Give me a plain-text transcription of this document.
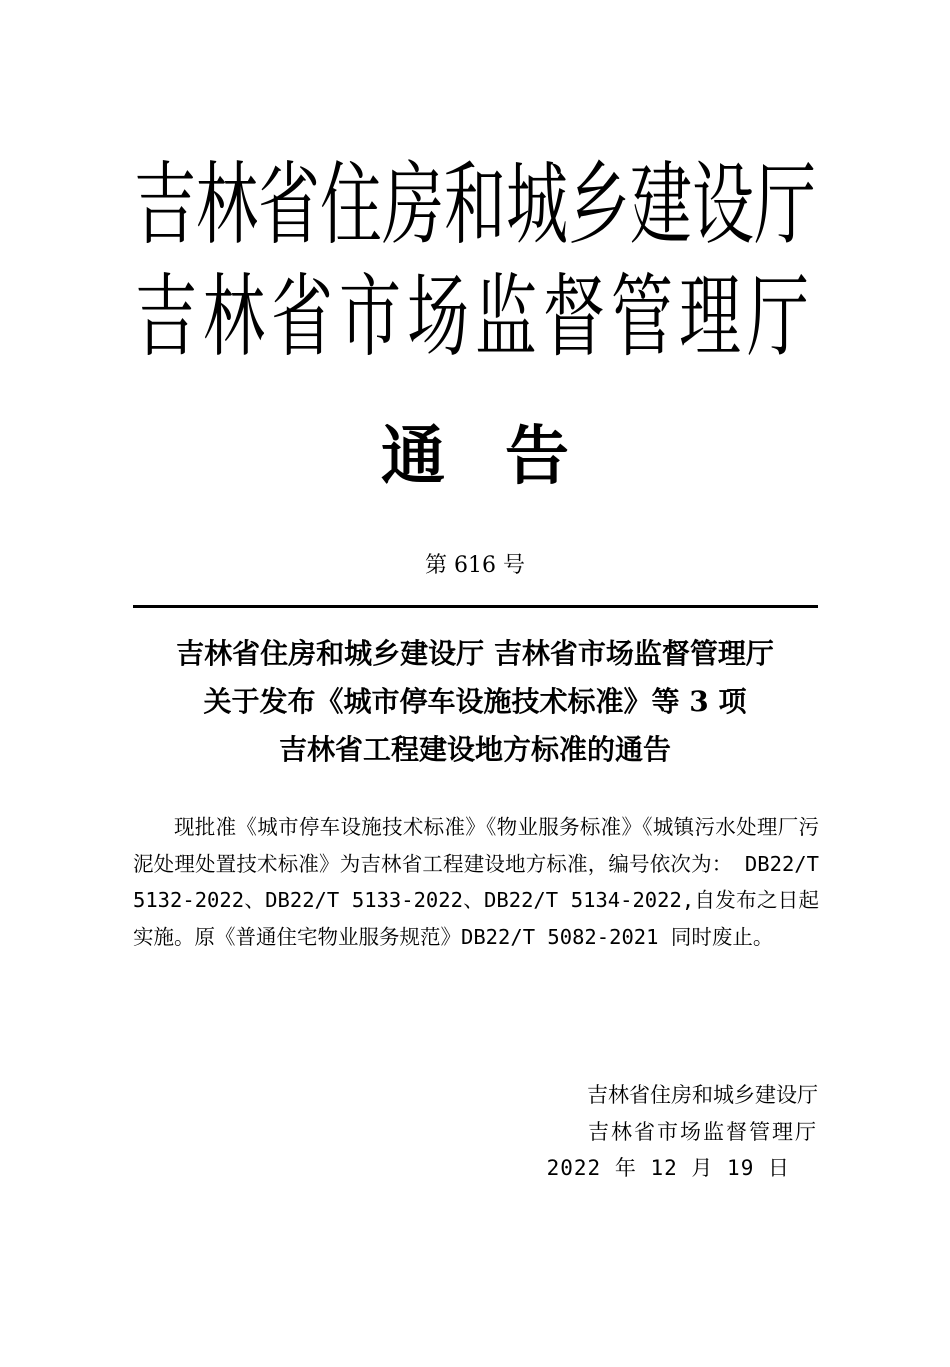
吉林省住房和城乡建设厅
吉林省市场监督管理厅
通告
第 616 号
吉林省住房和城乡建设厅 吉林省市场监督管理厅
关于发布《城市停车设施技术标准》等 3 项
吉林省工程建设地方标准的通告
现批准《城市停车设施技术标准》《物业服务标准》《城镇污水处理厂污泥处理处置技术标准》为吉林省工程建设地方标准，编号依次为： DB22/T 5132-2022、DB22/T 5133-2022、DB22/T 5134-2022,自发布之日起实施。原《普通住宅物业服务规范》DB22/T 5082-2021 同时废止。
吉林省住房和城乡建设厅
吉林省市场监督管理厅
2022 年 12 月 19 日
